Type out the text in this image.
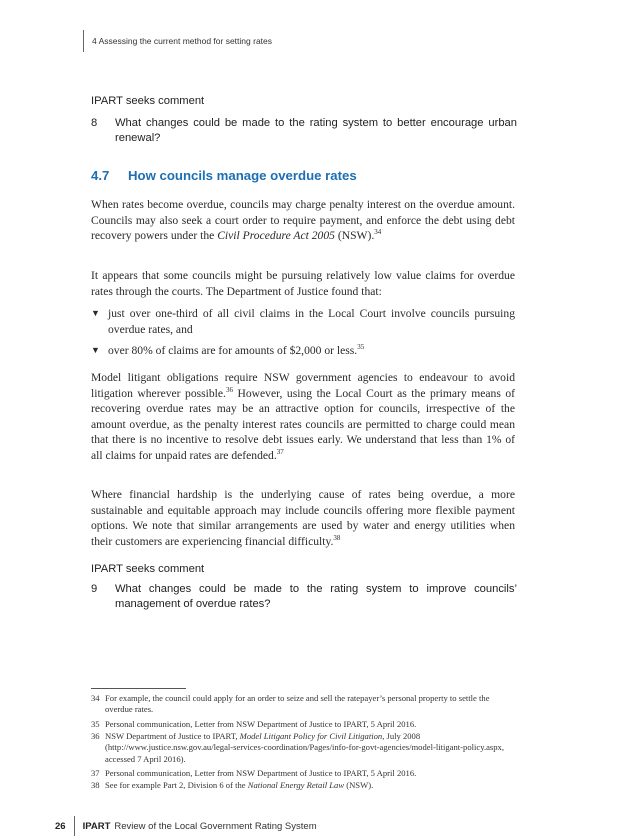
4 Assessing the current method for setting rates
IPART seeks comment
8 What changes could be made to the rating system to better encourage urban renewal?
4.7 How councils manage overdue rates

When rates become overdue, councils may charge penalty interest on the overdue amount. Councils may also seek a court order to require payment, and enforce the debt using debt recovery powers under the Civil Procedure Act 2005 (NSW).$^{34}$

It appears that some councils might be pursuing relatively low value claims for overdue rates through the courts. The Department of Justice found that:

▼ just over one-third of all civil claims in the Local Court involve councils pursuing overdue rates, and
▼ over 80% of claims are for amounts of $2,000 or less.$^{35}$

Model litigant obligations require NSW government agencies to endeavour to avoid litigation wherever possible.$^{36}$ However, using the Local Court as the primary means of recovering overdue rates may be an attractive option for councils, irrespective of the amount overdue, as the penalty interest rates councils are permitted to charge could mean that there is no incentive to resolve debt issues early. We understand that less than 1% of all claims for unpaid rates are defended.$^{37}$

Where financial hardship is the underlying cause of rates being overdue, a more sustainable and equitable approach may include councils offering more flexible payment options. We note that similar arrangements are used by water and energy utilities when their customers are experiencing financial difficulty.$^{38}$

IPART seeks comment
9 What changes could be made to the rating system to improve councils’ management of overdue rates?
34 For example, the council could apply for an order to seize and sell the ratepayer’s personal property to settle the overdue rates.
35 Personal communication, Letter from NSW Department of Justice to IPART, 5 April 2016.
36 NSW Department of Justice to IPART, Model Litigant Policy for Civil Litigation, July 2008 (http://www.justice.nsw.gov.au/legal-services-coordination/Pages/info-for-govt-agencies/model-litigant-policy.aspx, accessed 7 April 2016).
37 Personal communication, Letter from NSW Department of Justice to IPART, 5 April 2016.
38 See for example Part 2, Division 6 of the National Energy Retail Law (NSW).
26 IPART Review of the Local Government Rating System
